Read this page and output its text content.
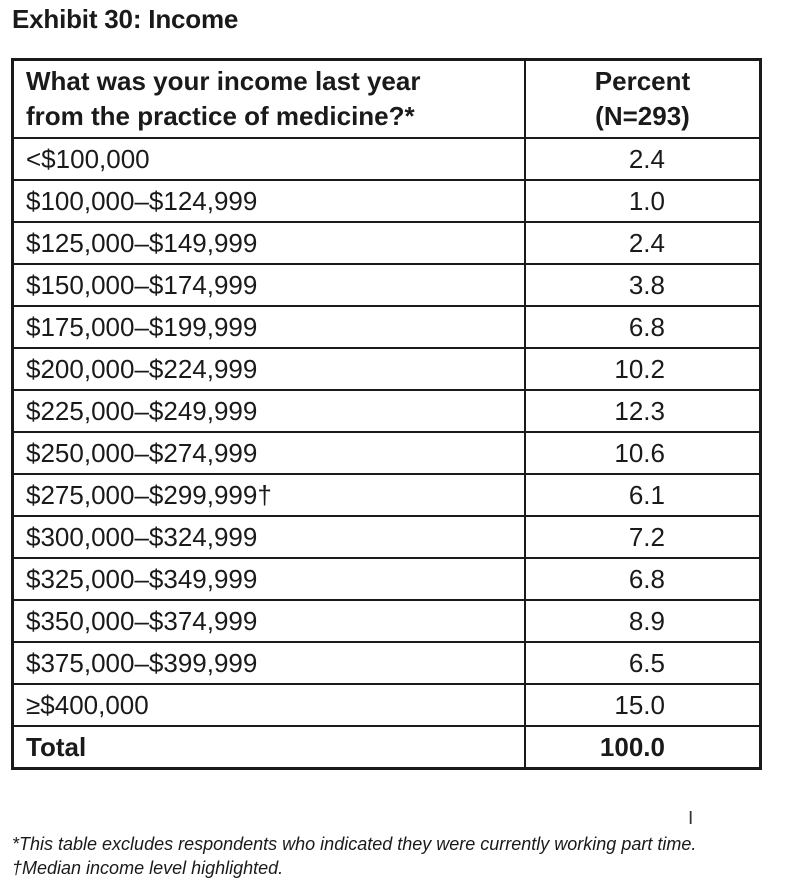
Exhibit 30: Income
What was your income last year
from the practice of medicine?*	Percent
(N=293)
<$100,000	2.4
$100,000–$124,999	1.0
$125,000–$149,999	2.4
$150,000–$174,999	3.8
$175,000–$199,999	6.8
$200,000–$224,999	10.2
$225,000–$249,999	12.3
$250,000–$274,999	10.6
$275,000–$299,999†	6.1
$300,000–$324,999	7.2
$325,000–$349,999	6.8
$350,000–$374,999	8.9
$375,000–$399,999	6.5
≥$400,000	15.0
Total	100.0
I
*This table excludes respondents who indicated they were currently working part time.
†Median income level highlighted.
